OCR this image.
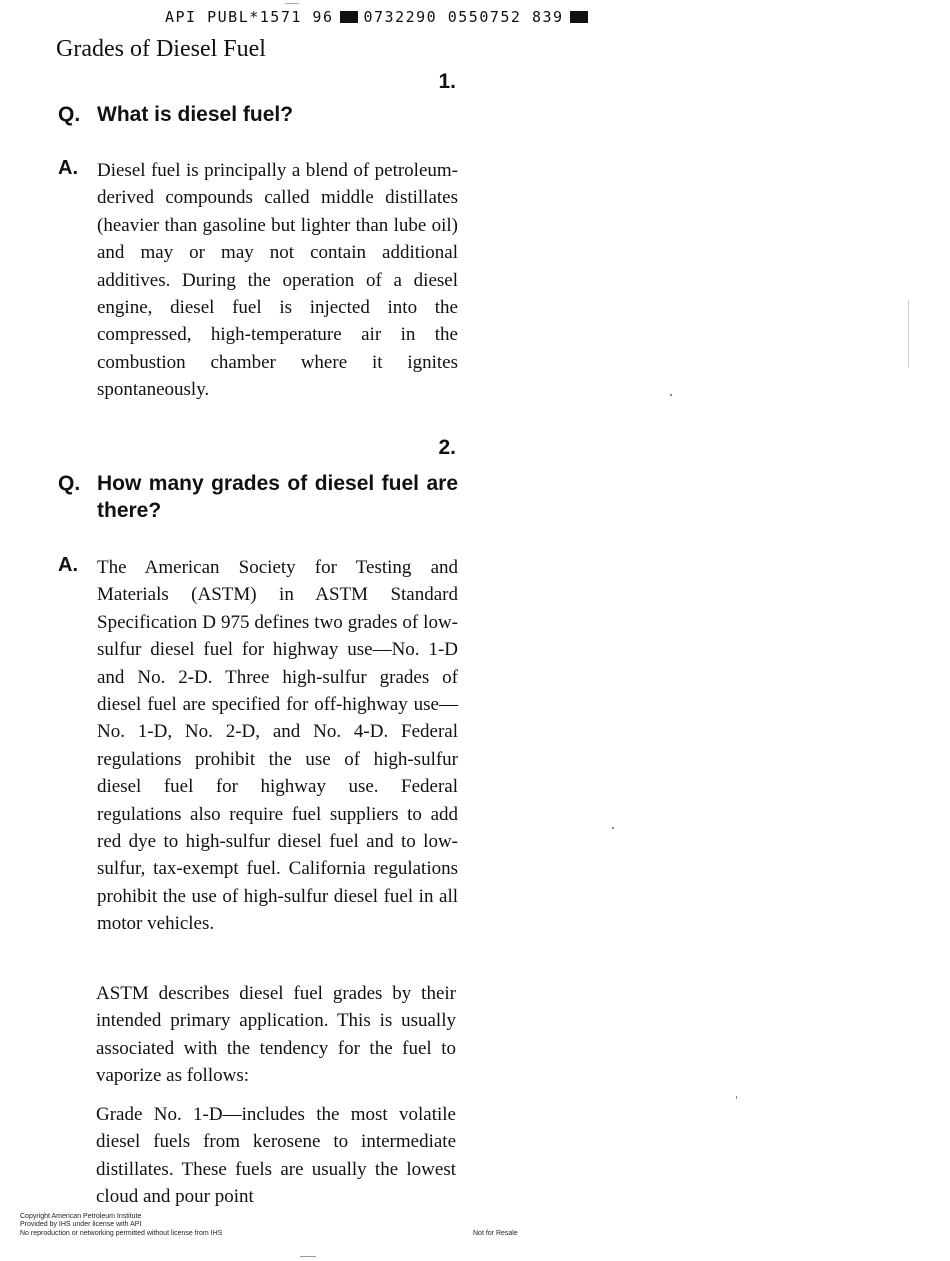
API PUBL*1571 96 0732290 0550752 839
Grades of Diesel Fuel
1.
Q. What is diesel fuel?
A. Diesel fuel is principally a blend of petroleum-derived compounds called middle distillates (heavier than gasoline but lighter than lube oil) and may or may not contain additional additives. During the operation of a diesel engine, diesel fuel is injected into the compressed, high-temperature air in the combustion chamber where it ignites spontaneously.
2.
Q. How many grades of diesel fuel are there?
A. The American Society for Testing and Materials (ASTM) in ASTM Standard Specification D 975 defines two grades of low-sulfur diesel fuel for highway use—No. 1-D and No. 2-D. Three high-sulfur grades of diesel fuel are specified for off-highway use—No. 1-D, No. 2-D, and No. 4-D. Federal regulations prohibit the use of high-sulfur diesel fuel for highway use. Federal regulations also require fuel suppliers to add red dye to high-sulfur diesel fuel and to low-sulfur, tax-exempt fuel. California regulations prohibit the use of high-sulfur diesel fuel in all motor vehicles.
ASTM describes diesel fuel grades by their intended primary application. This is usually associated with the tendency for the fuel to vaporize as follows:
Grade No. 1-D—includes the most volatile diesel fuels from kerosene to intermediate distillates. These fuels are usually the lowest cloud and pour point
Copyright American Petroleum Institute
Provided by IHS under license with API
No reproduction or networking permitted without license from IHS	Not for Resale
